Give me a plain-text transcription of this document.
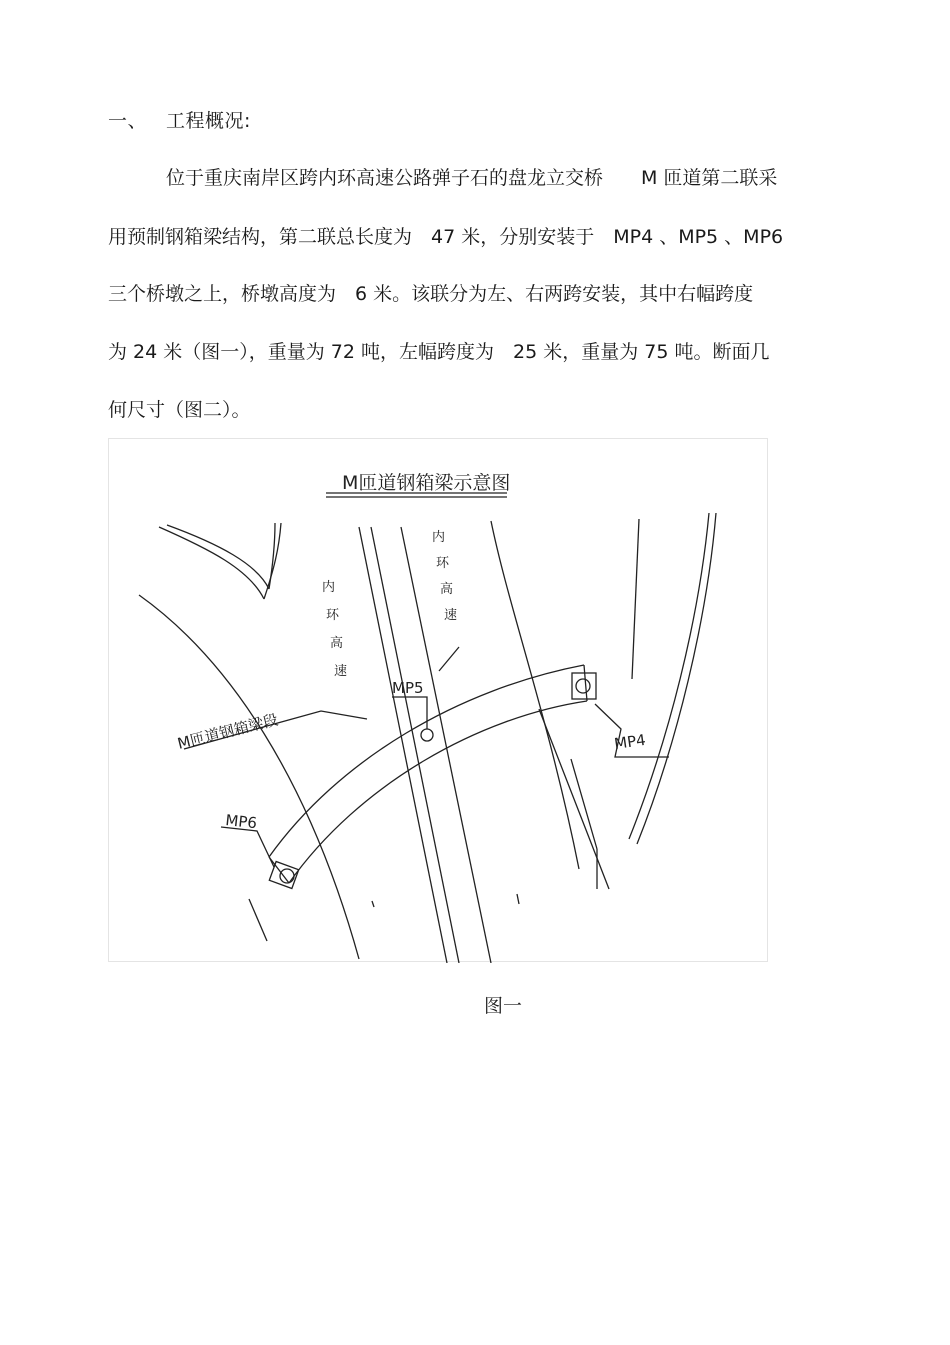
一、 工程概况:
位于重庆南岸区跨内环高速公路弹子石的盘龙立交桥　　M 匝道第二联采
用预制钢箱梁结构，第二联总长度为　47 米，分别安装于　MP4 、MP5 、MP6
三个桥墩之上，桥墩高度为　6 米。该联分为左、右两跨安装，其中右幅跨度
为 24 米（图一），重量为 72 吨，左幅跨度为　25 米，重量为 75 吨。断面几
何尺寸（图二）。
M匝道钢箱梁示意图
M匝道钢箱梁段
MP5
MP4
MP6
内
环
高
速
内
环
高
速
图一
